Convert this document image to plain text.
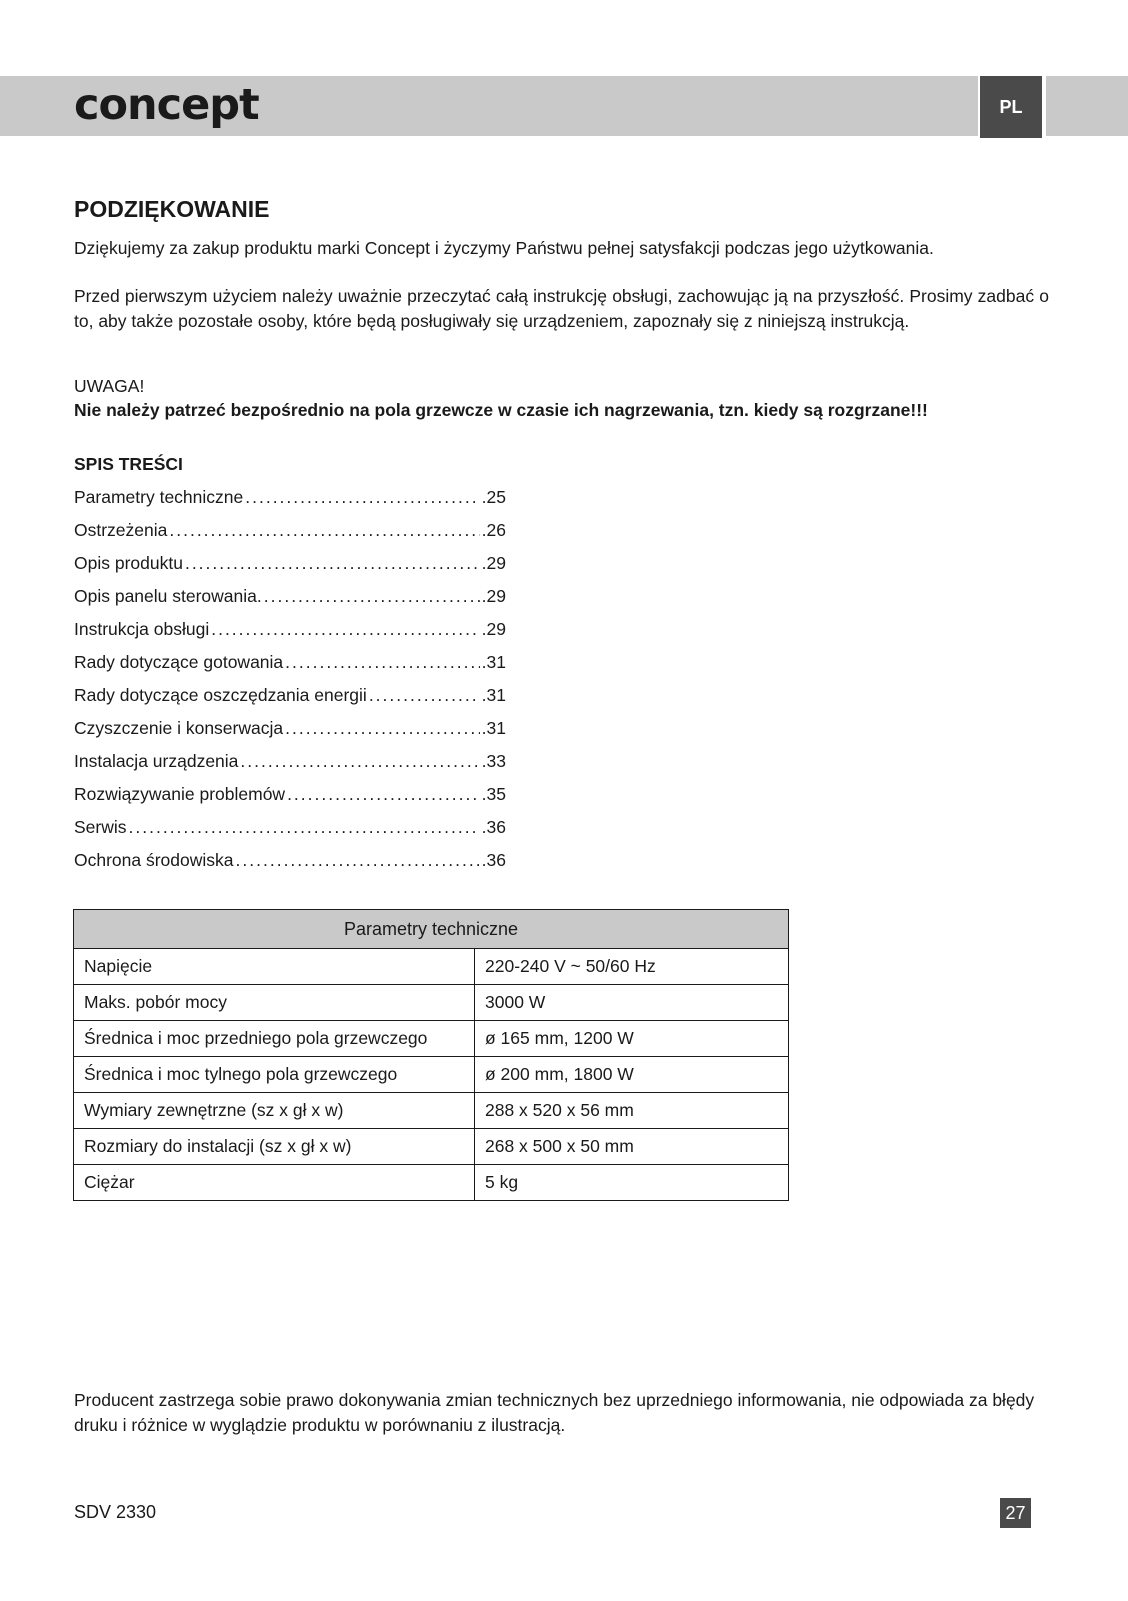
concept	PL
PODZIĘKOWANIE

Dziękujemy za zakup produktu marki Concept i życzymy Państwu pełnej satysfakcji podczas jego użytkowania.

Przed pierwszym użyciem należy uważnie przeczytać całą instrukcję obsługi, zachowując ją na przyszłość. Prosimy zadbać o to, aby także pozostałe osoby, które będą posługiwały się urządzeniem, zapoznały się z niniejszą instrukcją.

UWAGA!

Nie należy patrzeć bezpośrednio na pola grzewcze w czasie ich nagrzewania, tzn. kiedy są rozgrzane!!!

SPIS TREŚCI

Parametry techniczne .....	.25
Ostrzeżenia .....	.26
Opis produktu .....	.29
Opis panelu sterowania. .....	.29
Instrukcja obsługi .....	.29
Rady dotyczące gotowania .....	.31
Rady dotyczące oszczędzania energii .....	.31
Czyszczenie i konserwacja .....	.31
Instalacja urządzenia .....	.33
Rozwiązywanie problemów .....	.35
Serwis .....	.36
Ochrona środowiska .....	.36
Parametry techniczne	
Napięcie	220-240 V ~ 50/60 Hz
Maks. pobór mocy	3000 W
Średnica i moc przedniego pola grzewczego	ø 165 mm, 1200 W
Średnica i moc tylnego pola grzewczego	ø 200 mm, 1800 W
Wymiary zewnętrzne (sz x gł x w)	288 x 520 x 56 mm
Rozmiary do instalacji (sz x gł x w)	268 x 500 x 50 mm
Ciężar	5 kg

Producent zastrzega sobie prawo dokonywania zmian technicznych bez uprzedniego informowania, nie odpowiada za błędy druku i różnice w wyglądzie produktu w porównaniu z ilustracją.

SDV 2330	27
